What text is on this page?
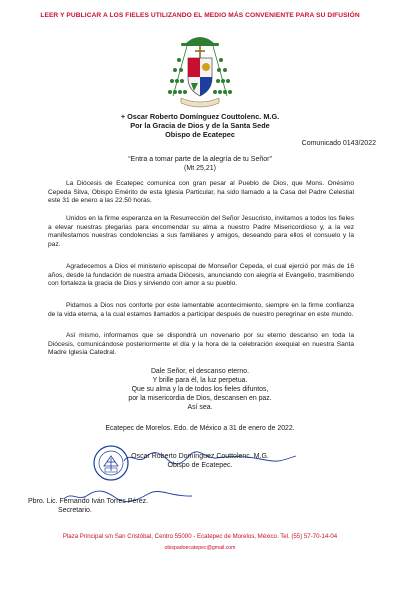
LEER Y PUBLICAR A LOS FIELES UTILIZANDO EL MEDIO MÁS CONVENIENTE PARA SU DIFUSIÓN
+ Oscar Roberto Domínguez Couttolenc. M.G.
Por la Gracia de Dios y de la Santa Sede
Obispo de Ecatepec
Comunicado 0143/2022
“Entra a tomar parte de la alegría de tu Señor”
(Mt 25,21)

La Diócesis de Ecatepec comunica con gran pesar al Pueblo de Dios, que Mons. Onésimo Cepeda Silva, Obispo Emérito de esta Iglesia Particular, ha sido llamado a la Casa del Padre Celestial este 31 de enero a las 22.50 horas.

Unidos en la firme esperanza en la Resurrección del Señor Jesucristo, invitamos a todos los fieles a elevar nuestras plegarias para encomendar su alma a nuestro Padre Misericordioso y, a la vez manifestamos nuestras condolencias a sus familiares y amigos, deseando para ellos el consuelo y la paz.

Agradecemos a Dios el ministerio episcopal de Monseñor Cepeda, el cual ejerció por más de 16 años, desde la fundación de nuestra amada Diócesis, anunciando con alegría el Evangelio, trasmitiendo con fortaleza la gracia de Dios y sirviendo con amor a su pueblo.

Pidamos a Dios nos conforte por este lamentable acontecimiento, siempre en la firme confianza de la vida eterna, a la cual estamos llamados a participar después de nuestro peregrinar en este mundo.

Así mismo, informamos que se dispondrá un novenario por su eterno descanso en toda la Diócesis, comunicándose posteriormente el día y la hora de la celebración exequial en nuestra Santa Madre Iglesia Catedral.

Dale Señor, el descanso eterno.
Y brille para él, la luz perpetua.
Que su alma y la de todos los fieles difuntos,
por la misericordia de Dios, descansen en paz.
Así sea.
Ecatepec de Morelos. Edo. de México a 31 de enero de 2022.
Oscar Roberto Domínguez Couttolenc. M.G.
Obispo de Ecatepec.
Pbro. Lic. Fernando Iván Torres Pérez.
Secretario.
Plaza Principal s/n San Cristóbal, Centro 55000 - Ecatepec de Morelos, México. Tel. (55) 57-70-14-04
obispadoecatepec@gmail.com
